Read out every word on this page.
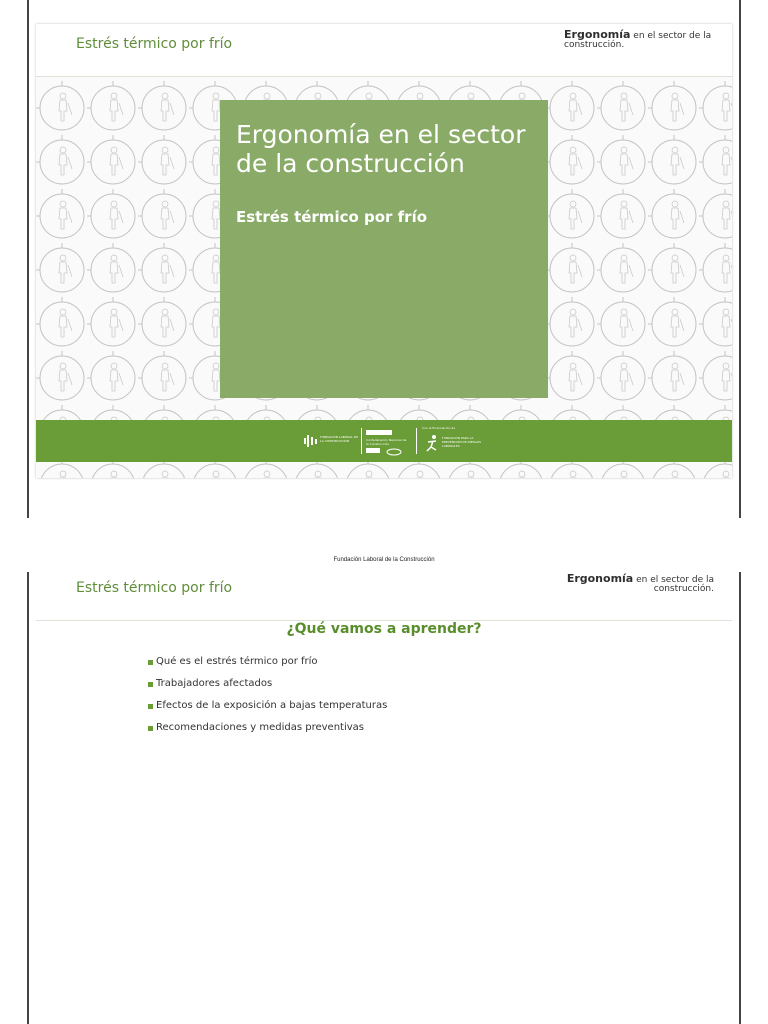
Estrés térmico por frío
Ergonomía en el sector de la construcción.
Ergonomía en el sector de la construcción
Estrés térmico por frío
FUNDACIÓN LABORAL DE LA CONSTRUCCIÓN	Confederación Nacional de la Construcción
Con la financiación de
FUNDACIÓN PARA LA PREVENCIÓN DE RIESGOS LABORALES
Fundación Laboral de la Construcción
Estrés térmico por frío
Ergonomía en el sector de la construcción.
¿Qué vamos a aprender?
Qué es el estrés térmico por frío
Trabajadores afectados
Efectos de la exposición a bajas temperaturas
Recomendaciones y medidas preventivas
